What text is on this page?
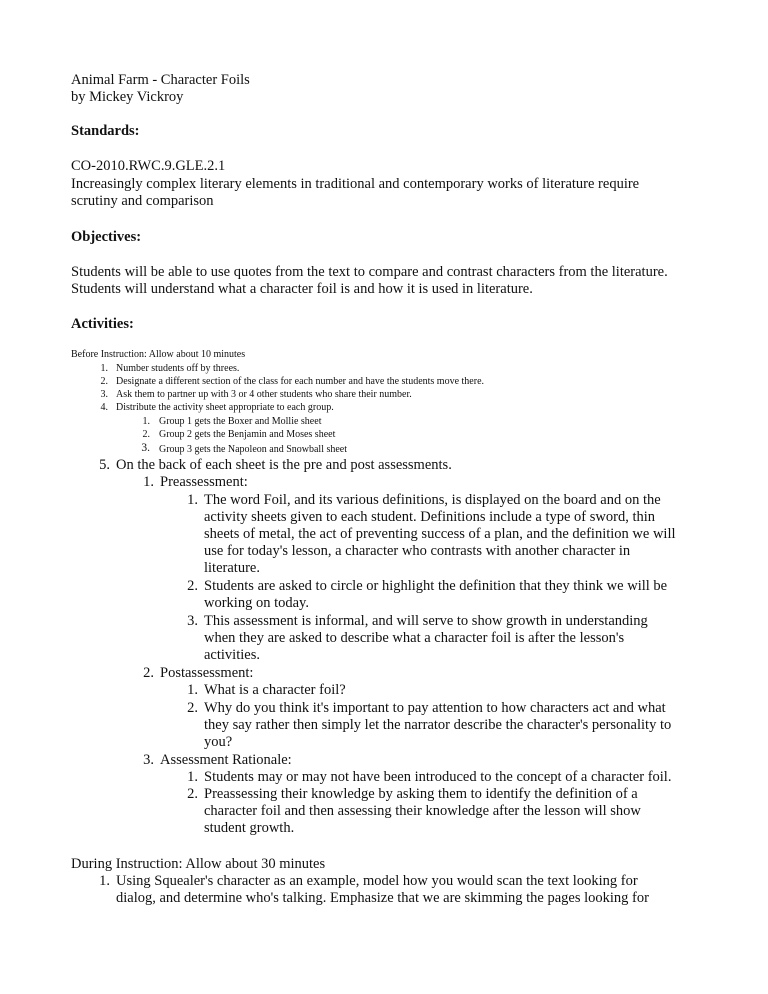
Animal Farm - Character Foils
by Mickey Vickroy
Standards:
CO-2010.RWC.9.GLE.2.1
Increasingly complex literary elements in traditional and contemporary works of literature require
scrutiny and comparison
Objectives:
Students will be able to use quotes from the text to compare and contrast characters from the literature.
Students will understand what a character foil is and how it is used in literature.
Activities:
Before Instruction: Allow about 10 minutes
1. Number students off by threes.
2. Designate a different section of the class for each number and have the students move there.
3. Ask them to partner up with 3 or 4 other students who share their number.
4. Distribute the activity sheet appropriate to each group.
1. Group 1 gets the Boxer and Mollie sheet
2. Group 2 gets the Benjamin and Moses sheet
3. Group 3 gets the Napoleon and Snowball sheet
5. On the back of each sheet is the pre and post assessments.
1. Preassessment:
1. The word Foil, and its various definitions, is displayed on the board and on the
activity sheets given to each student. Definitions include a type of sword, thin
sheets of metal, the act of preventing success of a plan, and the definition we will
use for today's lesson, a character who contrasts with another character in
literature.
2. Students are asked to circle or highlight the definition that they think we will be
working on today.
3. This assessment is informal, and will serve to show growth in understanding
when they are asked to describe what a character foil is after the lesson's
activities.
2. Postassessment:
1. What is a character foil?
2. Why do you think it's important to pay attention to how characters act and what
they say rather then simply let the narrator describe the character's personality to
you?
3. Assessment Rationale:
1. Students may or may not have been introduced to the concept of a character foil.
2. Preassessing their knowledge by asking them to identify the definition of a
character foil and then assessing their knowledge after the lesson will show
student growth.
During Instruction: Allow about 30 minutes
1. Using Squealer's character as an example, model how you would scan the text looking for
dialog, and determine who's talking. Emphasize that we are skimming the pages looking for
